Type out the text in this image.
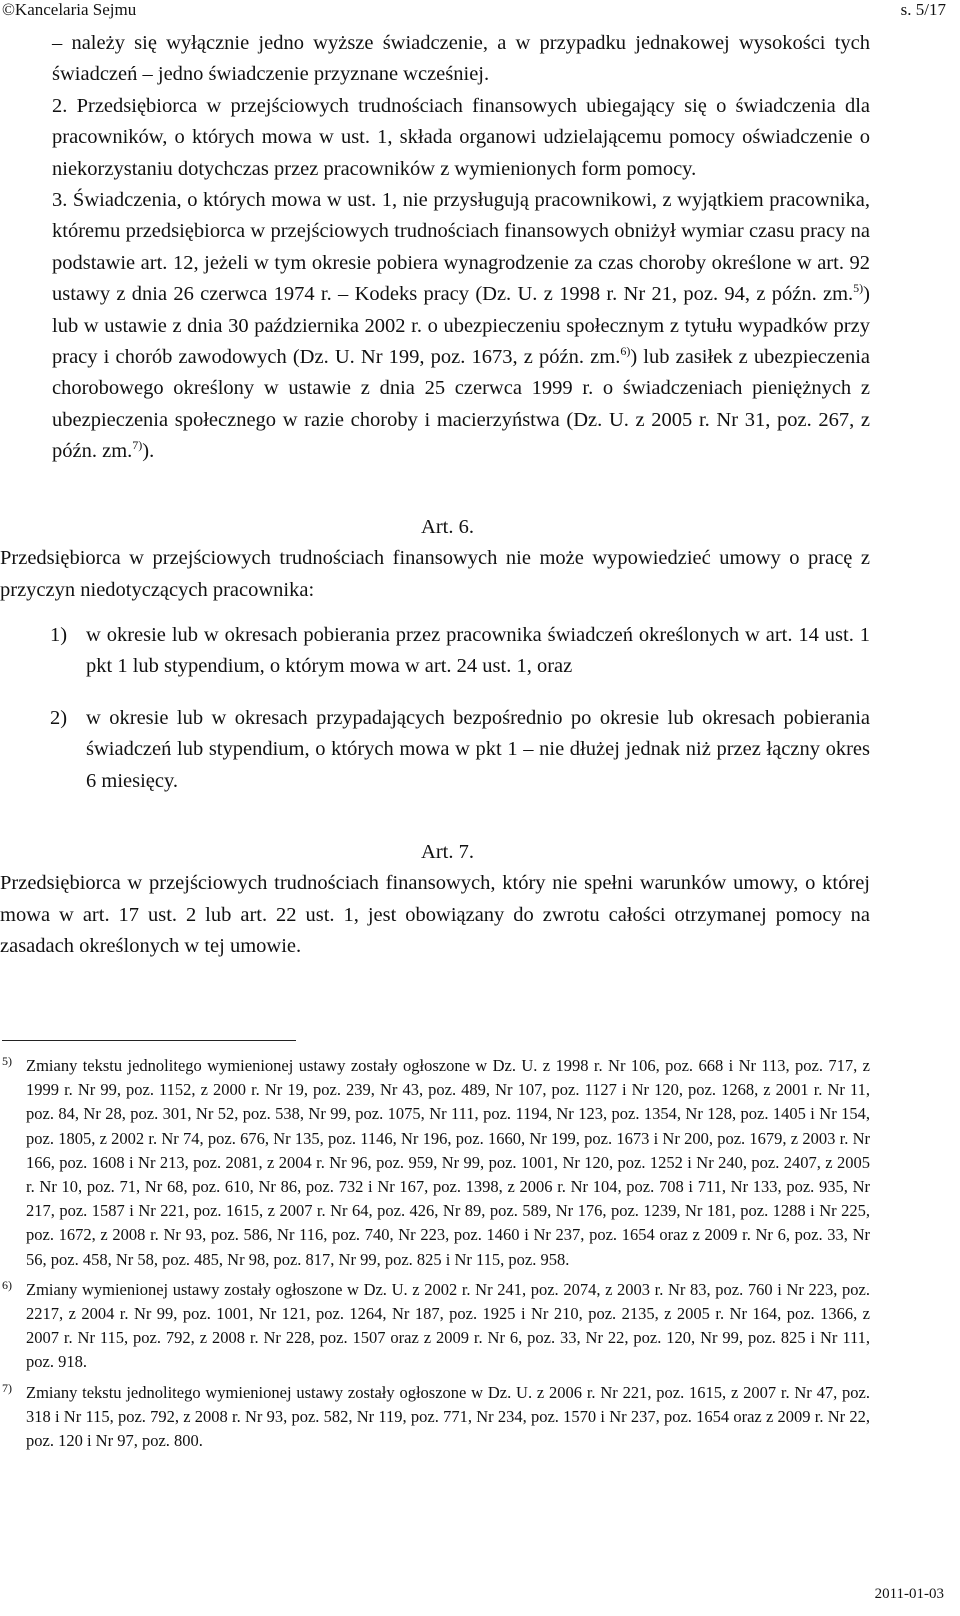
©Kancelaria Sejmu	s. 5/17

– należy się wyłącznie jedno wyższe świadczenie, a w przypadku jednakowej wysokości tych świadczeń – jedno świadczenie przyznane wcześniej.

2. Przedsiębiorca w przejściowych trudnościach finansowych ubiegający się o świadczenia dla pracowników, o których mowa w ust. 1, składa organowi udzielającemu pomocy oświadczenie o niekorzystaniu dotychczas przez pracowników z wymienionych form pomocy.

3. Świadczenia, o których mowa w ust. 1, nie przysługują pracownikowi, z wyjątkiem pracownika, któremu przedsiębiorca w przejściowych trudnościach finansowych obniżył wymiar czasu pracy na podstawie art. 12, jeżeli w tym okresie pobiera wynagrodzenie za czas choroby określone w art. 92 ustawy z dnia 26 czerwca 1974 r. – Kodeks pracy (Dz. U. z 1998 r. Nr 21, poz. 94, z późn. zm.$^{5)}$) lub w ustawie z dnia 30 października 2002 r. o ubezpieczeniu społecznym z tytułu wypadków przy pracy i chorób zawodowych (Dz. U. Nr 199, poz. 1673, z późn. zm.$^{6)}$) lub zasiłek z ubezpieczenia chorobowego określony w ustawie z dnia 25 czerwca 1999 r. o świadczeniach pieniężnych z ubezpieczenia społecznego w razie choroby i macierzyństwa (Dz. U. z 2005 r. Nr 31, poz. 267, z późn. zm.$^{7)}$).

Art. 6.

Przedsiębiorca w przejściowych trudnościach finansowych nie może wypowiedzieć umowy o pracę z przyczyn niedotyczących pracownika:

1) w okresie lub w okresach pobierania przez pracownika świadczeń określonych w art. 14 ust. 1 pkt 1 lub stypendium, o którym mowa w art. 24 ust. 1, oraz
2) w okresie lub w okresach przypadających bezpośrednio po okresie lub okresach pobierania świadczeń lub stypendium, o których mowa w pkt 1 – nie dłużej jednak niż przez łączny okres 6 miesięcy.

Art. 7.

Przedsiębiorca w przejściowych trudnościach finansowych, który nie spełni warunków umowy, o której mowa w art. 17 ust. 2 lub art. 22 ust. 1, jest obowiązany do zwrotu całości otrzymanej pomocy na zasadach określonych w tej umowie.

5) Zmiany tekstu jednolitego wymienionej ustawy zostały ogłoszone w Dz. U. z 1998 r. Nr 106, poz. 668 i Nr 113, poz. 717, z 1999 r. Nr 99, poz. 1152, z 2000 r. Nr 19, poz. 239, Nr 43, poz. 489, Nr 107, poz. 1127 i Nr 120, poz. 1268, z 2001 r. Nr 11, poz. 84, Nr 28, poz. 301, Nr 52, poz. 538, Nr 99, poz. 1075, Nr 111, poz. 1194, Nr 123, poz. 1354, Nr 128, poz. 1405 i Nr 154, poz. 1805, z 2002 r. Nr 74, poz. 676, Nr 135, poz. 1146, Nr 196, poz. 1660, Nr 199, poz. 1673 i Nr 200, poz. 1679, z 2003 r. Nr 166, poz. 1608 i Nr 213, poz. 2081, z 2004 r. Nr 96, poz. 959, Nr 99, poz. 1001, Nr 120, poz. 1252 i Nr 240, poz. 2407, z 2005 r. Nr 10, poz. 71, Nr 68, poz. 610, Nr 86, poz. 732 i Nr 167, poz. 1398, z 2006 r. Nr 104, poz. 708 i 711, Nr 133, poz. 935, Nr 217, poz. 1587 i Nr 221, poz. 1615, z 2007 r. Nr 64, poz. 426, Nr 89, poz. 589, Nr 176, poz. 1239, Nr 181, poz. 1288 i Nr 225, poz. 1672, z 2008 r. Nr 93, poz. 586, Nr 116, poz. 740, Nr 223, poz. 1460 i Nr 237, poz. 1654 oraz z 2009 r. Nr 6, poz. 33, Nr 56, poz. 458, Nr 58, poz. 485, Nr 98, poz. 817, Nr 99, poz. 825 i Nr 115, poz. 958.
6) Zmiany wymienionej ustawy zostały ogłoszone w Dz. U. z 2002 r. Nr 241, poz. 2074, z 2003 r. Nr 83, poz. 760 i Nr 223, poz. 2217, z 2004 r. Nr 99, poz. 1001, Nr 121, poz. 1264, Nr 187, poz. 1925 i Nr 210, poz. 2135, z 2005 r. Nr 164, poz. 1366, z 2007 r. Nr 115, poz. 792, z 2008 r. Nr 228, poz. 1507 oraz z 2009 r. Nr 6, poz. 33, Nr 22, poz. 120, Nr 99, poz. 825 i Nr 111, poz. 918.
7) Zmiany tekstu jednolitego wymienionej ustawy zostały ogłoszone w Dz. U. z 2006 r. Nr 221, poz. 1615, z 2007 r. Nr 47, poz. 318 i Nr 115, poz. 792, z 2008 r. Nr 93, poz. 582, Nr 119, poz. 771, Nr 234, poz. 1570 i Nr 237, poz. 1654 oraz z 2009 r. Nr 22, poz. 120 i Nr 97, poz. 800.
2011-01-03
